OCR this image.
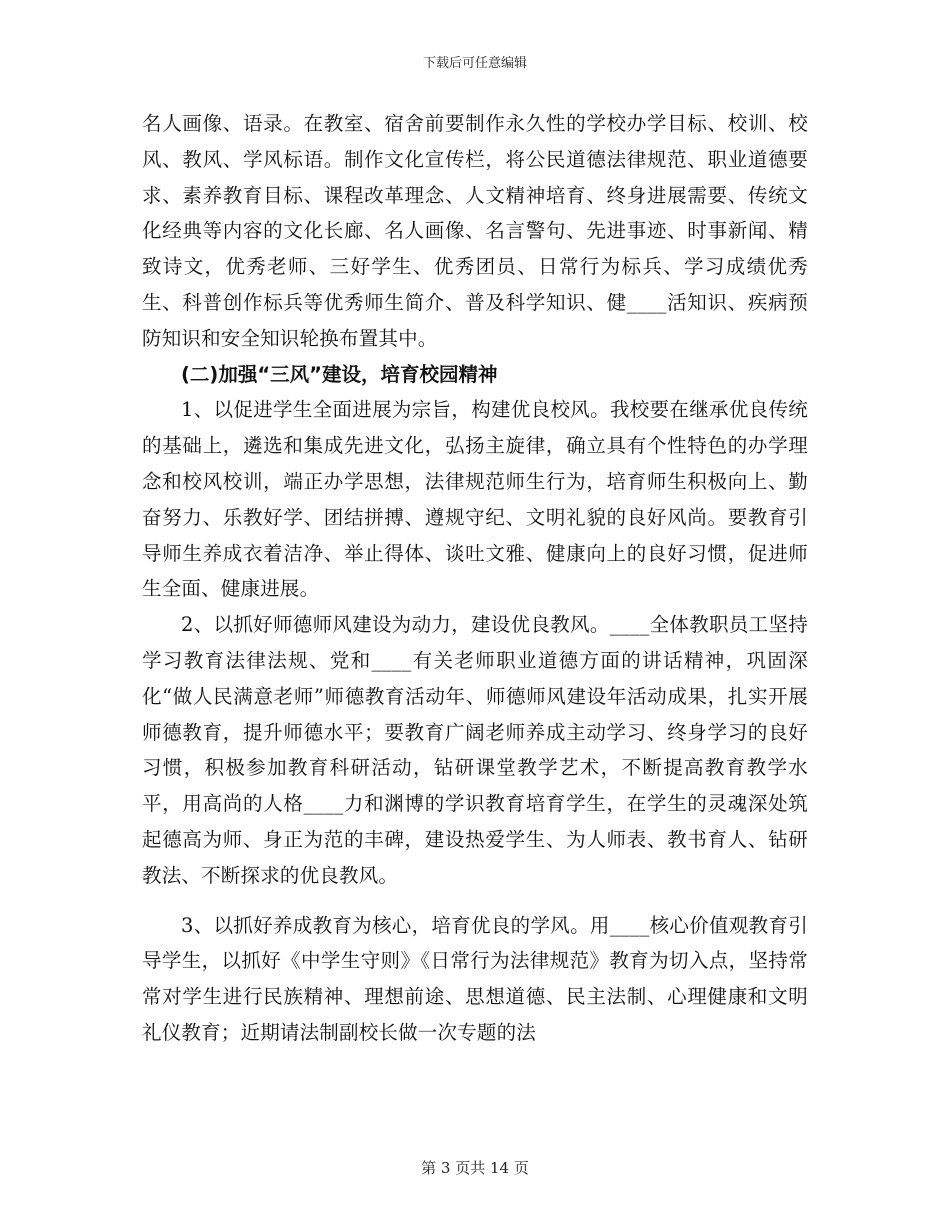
下载后可任意编辑

名人画像、语录。在教室、宿舍前要制作永久性的学校办学目标、校训、校风、教风、学风标语。制作文化宣传栏，将公民道德法律规范、职业道德要求、素养教育目标、课程改革理念、人文精神培育、终身进展需要、传统文化经典等内容的文化长廊、名人画像、名言警句、先进事迹、时事新闻、精致诗文，优秀老师、三好学生、优秀团员、日常行为标兵、学习成绩优秀生、科普创作标兵等优秀师生简介、普及科学知识、健____活知识、疾病预防知识和安全知识轮换布置其中。

(二)加强“三风”建设，培育校园精神

1、以促进学生全面进展为宗旨，构建优良校风。我校要在继承优良传统的基础上，遴选和集成先进文化，弘扬主旋律，确立具有个性特色的办学理念和校风校训，端正办学思想，法律规范师生行为，培育师生积极向上、勤奋努力、乐教好学、团结拼搏、遵规守纪、文明礼貌的良好风尚。要教育引导师生养成衣着洁净、举止得体、谈吐文雅、健康向上的良好习惯，促进师生全面、健康进展。

2、以抓好师德师风建设为动力，建设优良教风。____全体教职员工坚持学习教育法律法规、党和____有关老师职业道德方面的讲话精神，巩固深化“做人民满意老师”师德教育活动年、师德师风建设年活动成果，扎实开展师德教育，提升师德水平；要教育广阔老师养成主动学习、终身学习的良好习惯，积极参加教育科研活动，钻研课堂教学艺术，不断提高教育教学水平，用高尚的人格____力和渊博的学识教育培育学生，在学生的灵魂深处筑起德高为师、身正为范的丰碑，建设热爱学生、为人师表、教书育人、钻研教法、不断探求的优良教风。

3、以抓好养成教育为核心，培育优良的学风。用____核心价值观教育引导学生，以抓好《中学生守则》《日常行为法律规范》教育为切入点，坚持常常对学生进行民族精神、理想前途、思想道德、民主法制、心理健康和文明礼仪教育；近期请法制副校长做一次专题的法

第 3 页共 14 页
